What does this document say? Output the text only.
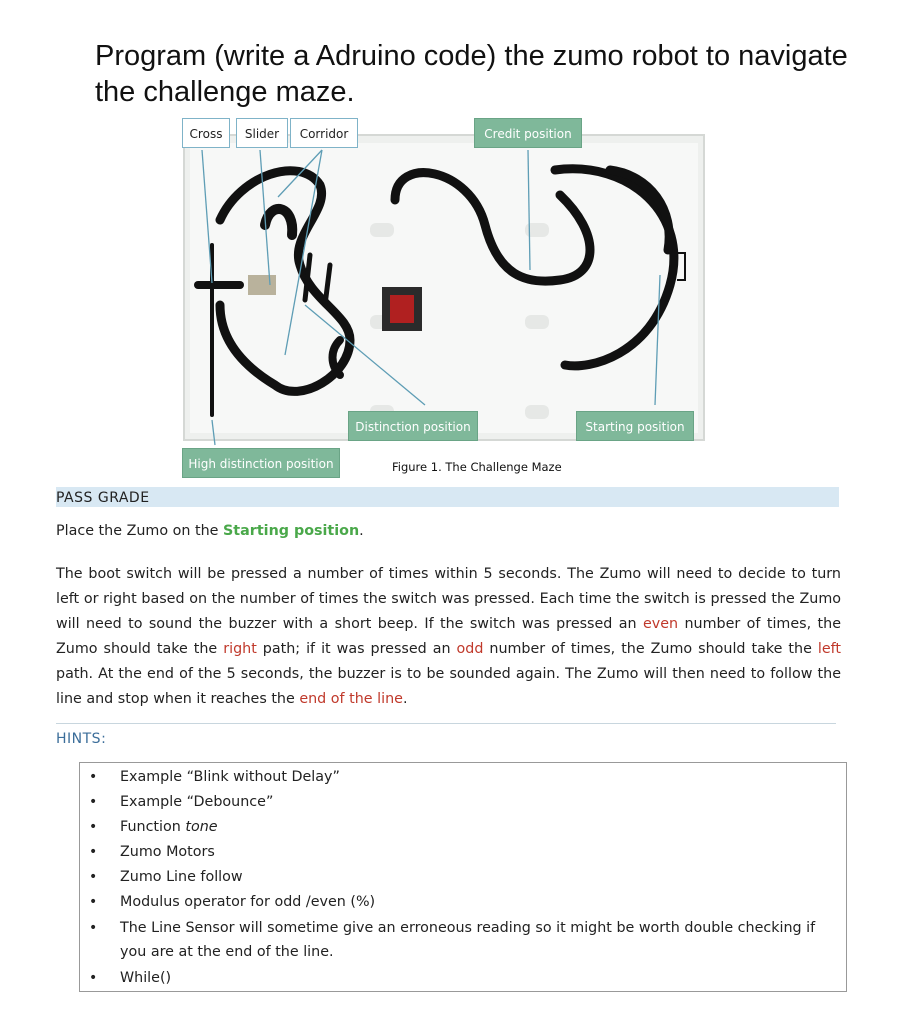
Program (write a Adruino code) the zumo robot to navigate the challenge maze.
Cross	Slider	Corridor	Credit position
Distinction position	Starting position
High distinction position	Figure 1. The Challenge Maze
PASS GRADE

Place the Zumo on the Starting position.

The boot switch will be pressed a number of times within 5 seconds. The Zumo will need to decide to turn left or right based on the number of times the switch was pressed. Each time the switch is pressed the Zumo will need to sound the buzzer with a short beep. If the switch was pressed an even number of times, the Zumo should take the right path; if it was pressed an odd number of times, the Zumo should take the left path. At the end of the 5 seconds, the buzzer is to be sounded again. The Zumo will then need to follow the line and stop when it reaches the end of the line.

HINTS:
• Example “Blink without Delay”
• Example “Debounce”
• Function tone
• Zumo Motors
• Zumo Line follow
• Modulus operator for odd /even (%)
• The Line Sensor will sometime give an erroneous reading so it might be worth double checking if you are at the end of the line.
• While()
